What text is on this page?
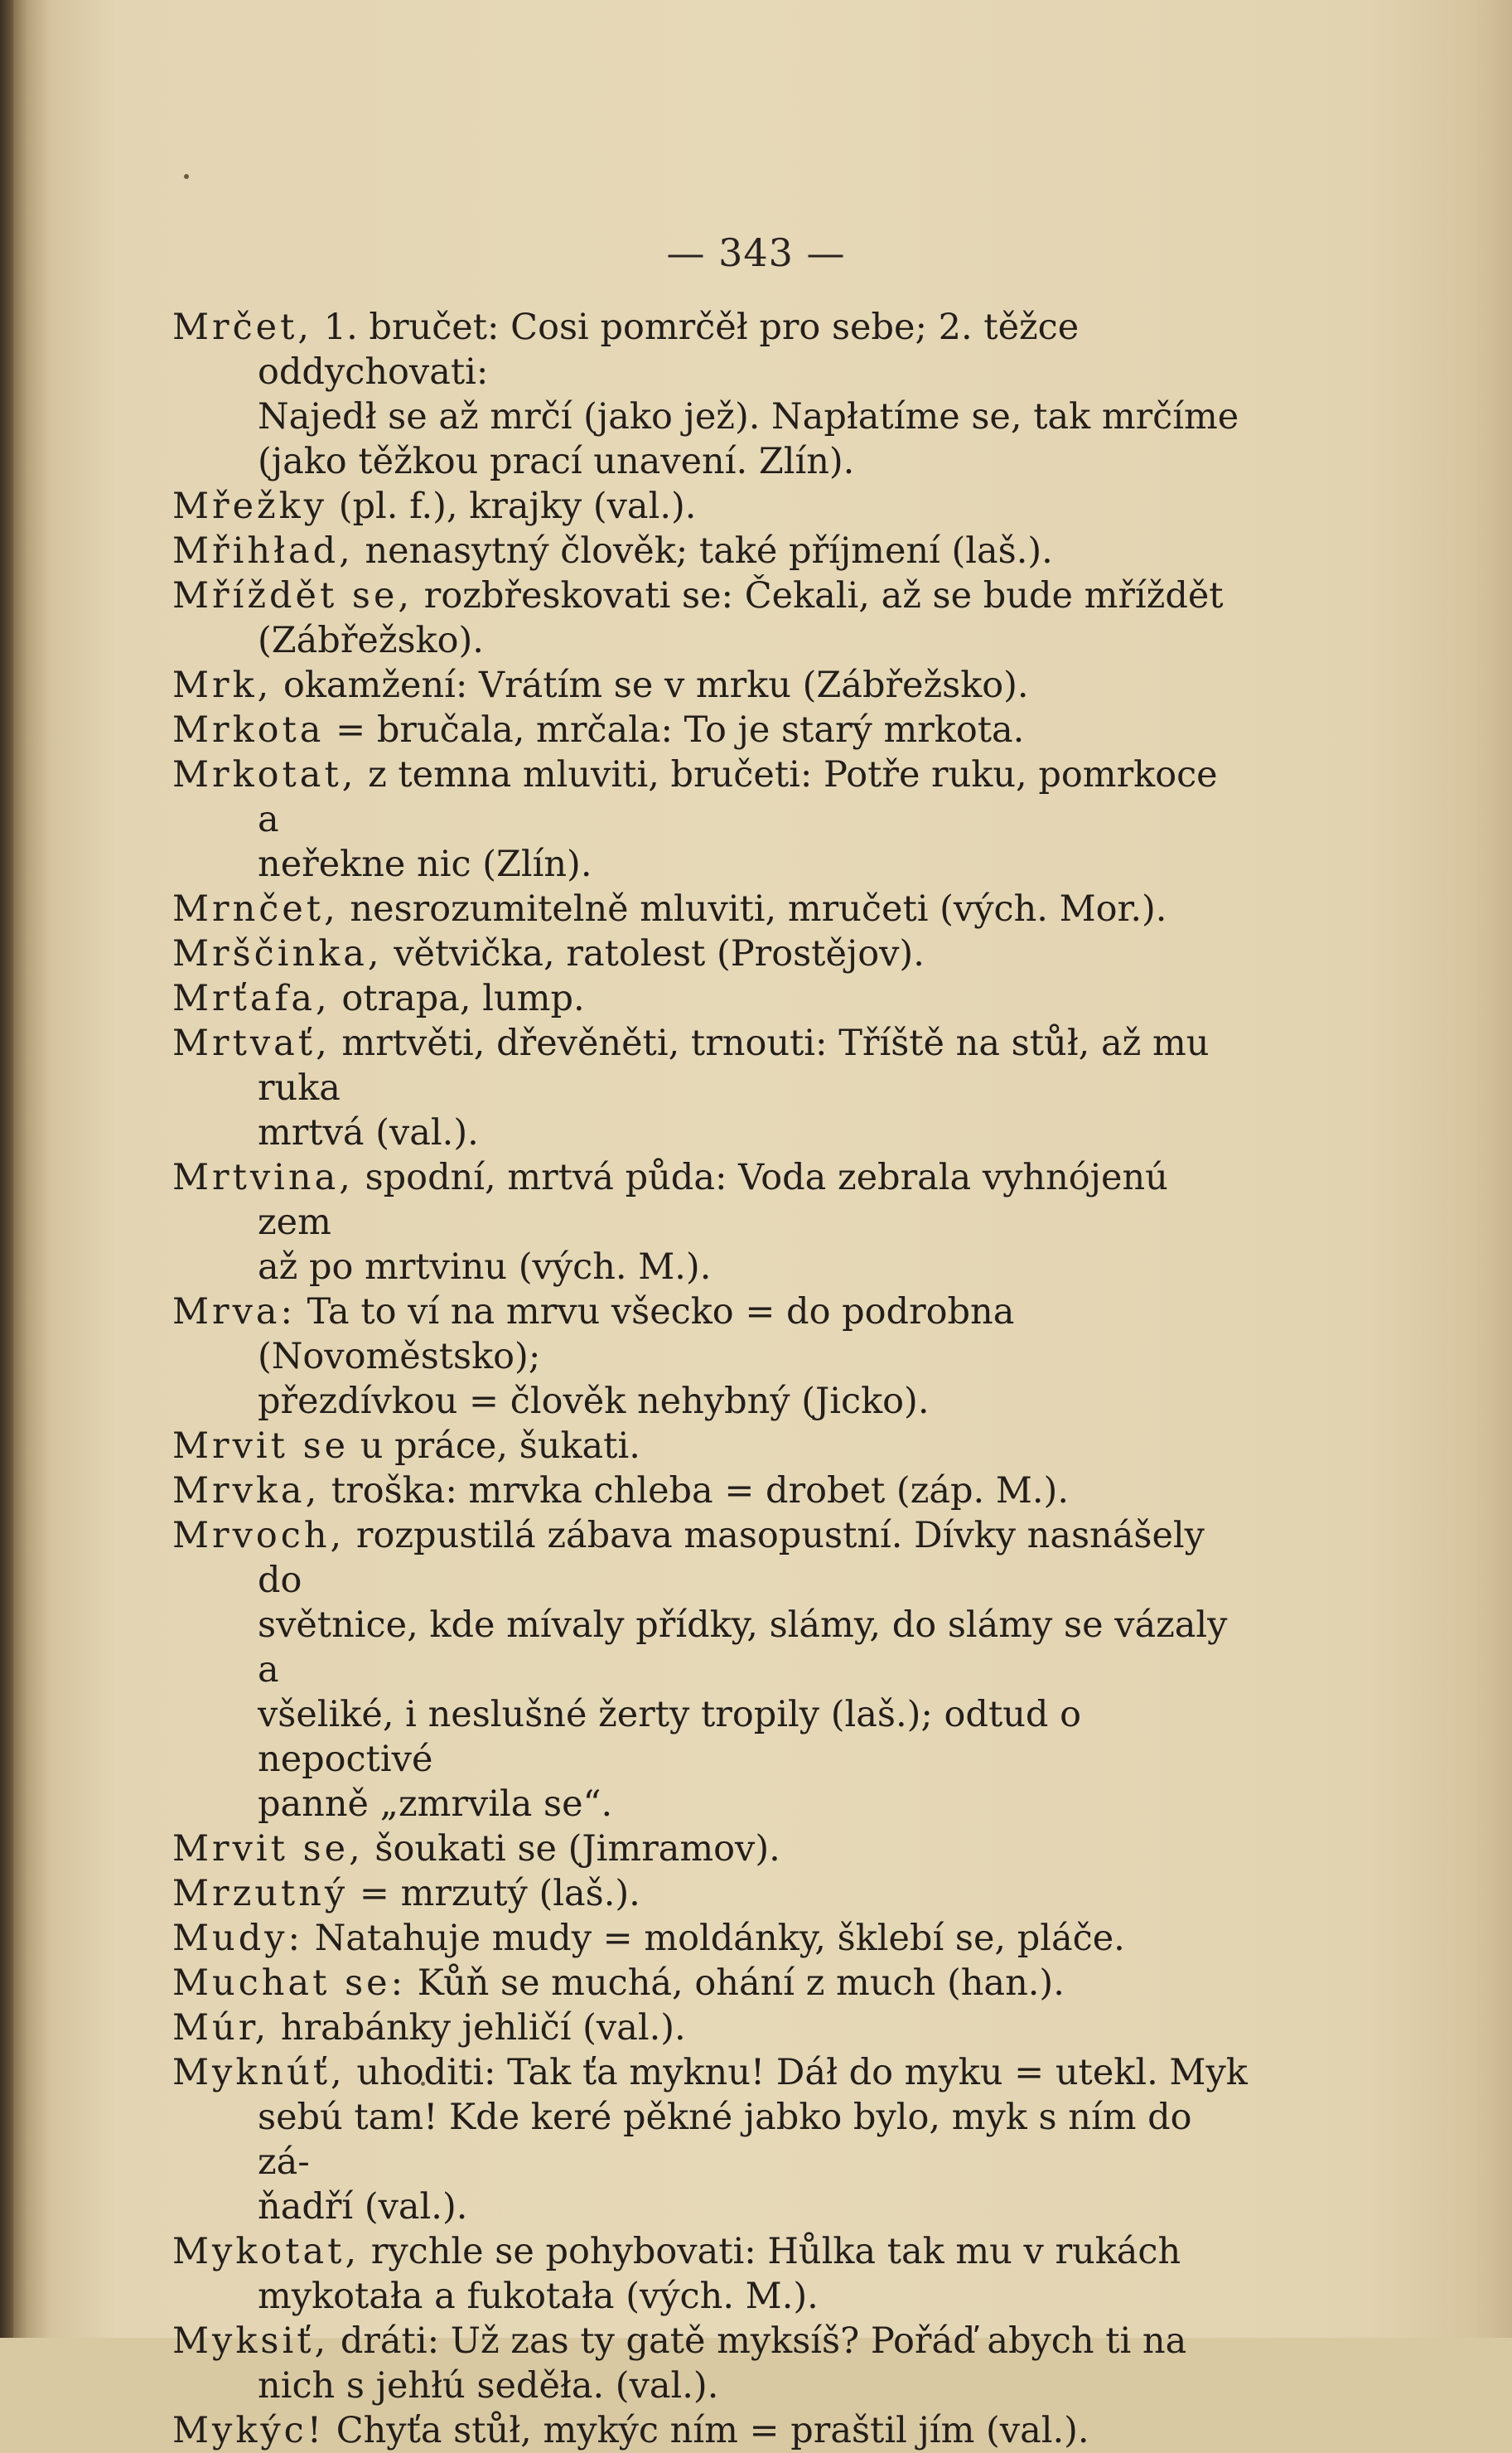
— 343 —

Mrčet, 1. bručet: Cosi pomrčěł pro sebe; 2. těžce oddychovati:
Najedł se až mrčí (jako jež). Napłatíme se, tak mrčíme
(jako těžkou prací unavení. Zlín).

Mřežky (pl. f.), krajky (val.).

Mřihład, nenasytný člověk; také příjmení (laš.).

Mříždět se, rozbřeskovati se: Čekali, až se bude mříždět
(Zábřežsko).

Mrk, okamžení: Vrátím se v mrku (Zábřežsko).

Mrkota = bručala, mrčala: To je starý mrkota.

Mrkotat, z temna mluviti, bručeti: Potře ruku, pomrkoce a
neřekne nic (Zlín).

Mrnčet, nesrozumitelně mluviti, mručeti (vých. Mor.).

Mrščinka, větvička, ratolest (Prostějov).

Mrťafa, otrapa, lump.

Mrtvať, mrtvěti, dřevěněti, trnouti: Tříště na stůł, až mu ruka
mrtvá (val.).

Mrtvina, spodní, mrtvá půda: Voda zebrala vyhnójenú zem
až po mrtvinu (vých. M.).

Mrva: Ta to ví na mrvu všecko = do podrobna (Novoměstsko);
přezdívkou = člověk nehybný (Jicko).

Mrvit se u práce, šukati.

Mrvka, troška: mrvka chleba = drobet (záp. M.).

Mrvoch, rozpustilá zábava masopustní. Dívky nasnášely do
světnice, kde mívaly přídky, slámy, do slámy se vázaly a
všeliké, i neslušné žerty tropily (laš.); odtud o nepoctivé
panně „zmrvila se“.

Mrvit se, šoukati se (Jimramov).

Mrzutný = mrzutý (laš.).

Mudy: Natahuje mudy = moldánky, šklebí se, pláče.

Muchat se: Kůň se muchá, ohání z much (han.).

Múr, hrabánky jehličí (val.).

Myknúť, uhoditi: Tak ťa myknu! Dáł do myku = utekl. Myk
sebú tam! Kde keré pěkné jabko bylo, myk s ním do zá-
ňadří (val.).

Mykotat, rychle se pohybovati: Hůlka tak mu v rukách
mykotała a fukotała (vých. M.).

Myksiť, dráti: Už zas ty gatě myksíš? Pořáď abych ti na
nich s jehłú seděła. (val.).

Mykýc! Chyťa stůł, mykýc ním = praštil jím (val.).
